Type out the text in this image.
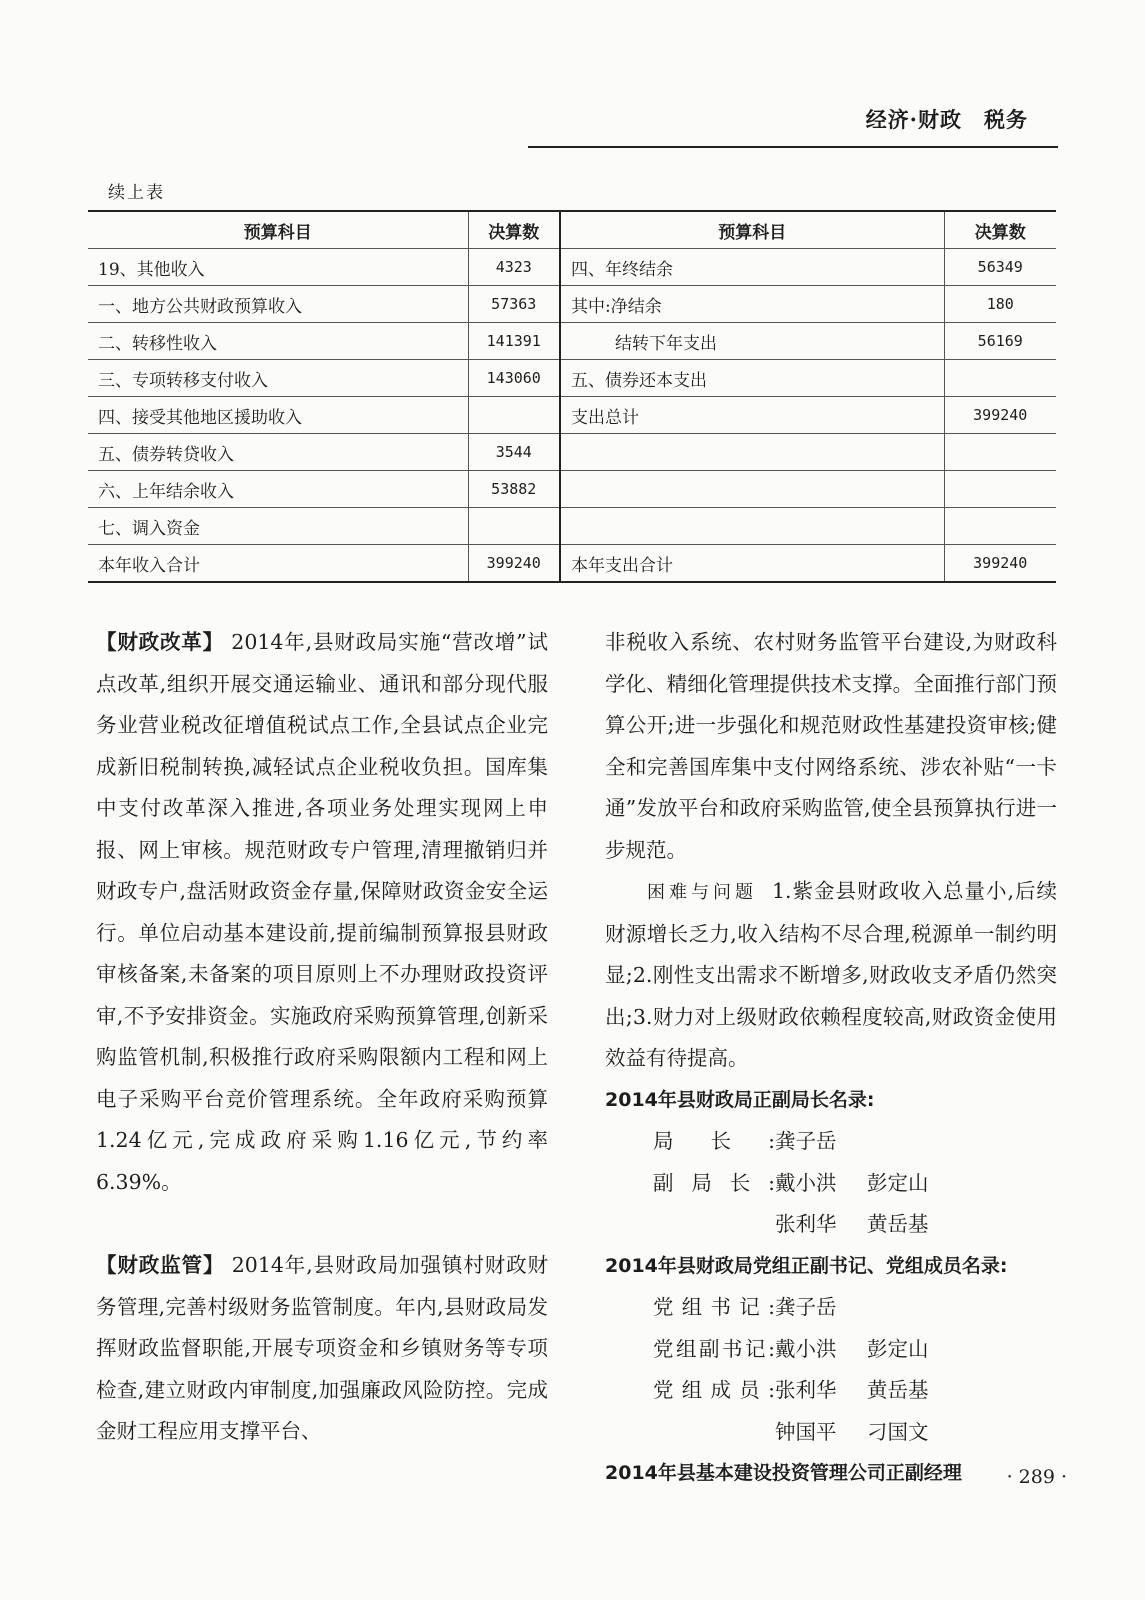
经济·财政　税务
续上表
预算科目	决算数	预算科目	决算数
19、其他收入	4323	四、年终结余	56349
一、地方公共财政预算收入	57363	其中:净结余	180
二、转移性收入	141391	结转下年支出	56169
三、专项转移支付收入	143060	五、债券还本支出	
四、接受其他地区援助收入		支出总计	399240
五、债券转贷收入	3544		
六、上年结余收入	53882		
七、调入资金			
本年收入合计	399240	本年支出合计	399240

【财政改革】 2014年,县财政局实施“营改增”试点改革,组织开展交通运输业、通讯和部分现代服务业营业税改征增值税试点工作,全县试点企业完成新旧税制转换,减轻试点企业税收负担。国库集中支付改革深入推进,各项业务处理实现网上申报、网上审核。规范财政专户管理,清理撤销归并财政专户,盘活财政资金存量,保障财政资金安全运行。单位启动基本建设前,提前编制预算报县财政审核备案,未备案的项目原则上不办理财政投资评审,不予安排资金。实施政府采购预算管理,创新采购监管机制,积极推行政府采购限额内工程和网上电子采购平台竞价管理系统。全年政府采购预算1.24亿元,完成政府采购1.16亿元,节约率6.39%。

【财政监管】 2014年,县财政局加强镇村财政财务管理,完善村级财务监管制度。年内,县财政局发挥财政监督职能,开展专项资金和乡镇财务等专项检查,建立财政内审制度,加强廉政风险防控。完成金财工程应用支撑平台、

非税收入系统、农村财务监管平台建设,为财政科学化、精细化管理提供技术支撑。全面推行部门预算公开;进一步强化和规范财政性基建投资审核;健全和完善国库集中支付网络系统、涉农补贴“一卡通”发放平台和政府采购监管,使全县预算执行进一步规范。

困难与问题 1.紫金县财政收入总量小,后续财源增长乏力,收入结构不尽合理,税源单一制约明显;2.刚性支出需求不断增多,财政收支矛盾仍然突出;3.财力对上级财政依赖程度较高,财政资金使用效益有待提高。

2014年县财政局正副局长名录:

局长: 龚子岳
副局长: 戴小洪 彭定山
张利华 黄岳基

2014年县财政局党组正副书记、党组成员名录:

党组书记: 龚子岳
党组副书记: 戴小洪 彭定山
党组成员: 张利华 黄岳基
钟国平 刁国文

2014年县基本建设投资管理公司正副经理	· 289 ·
